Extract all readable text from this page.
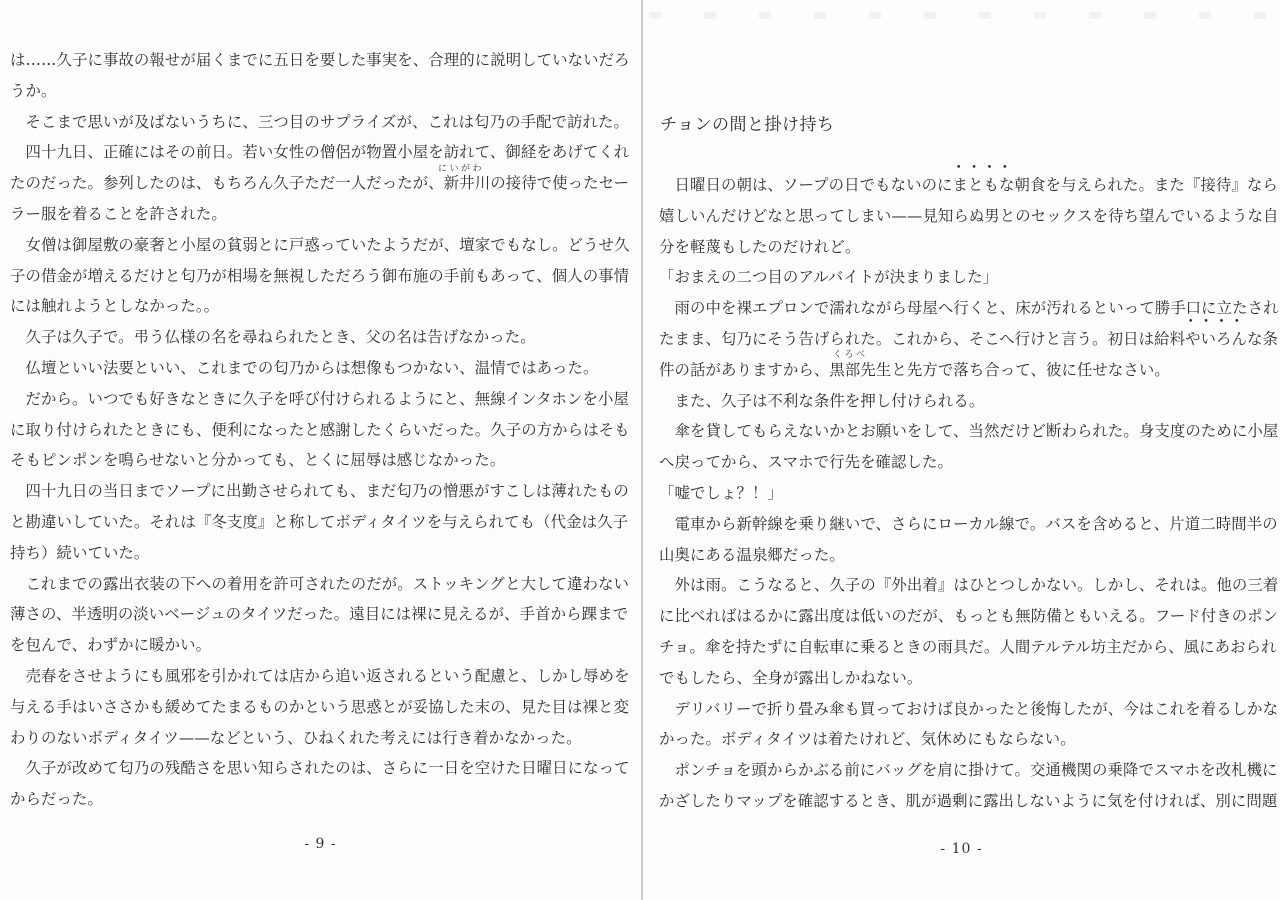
は……久子に事故の報せが届くまでに五日を要した事実を、合理的に説明していないだろ
うか。
　そこまで思いが及ばないうちに、三つ目のサプライズが、これは匂乃の手配で訪れた。
　四十九日、正確にはその前日。若い女性の僧侶が物置小屋を訪れて、御経をあげてくれ
たのだった。参列したのは、もちろん久子ただ一人だったが、新井川の接待で使ったセー
ラー服を着ることを許された。
　女僧は御屋敷の豪奢と小屋の貧弱とに戸惑っていたようだが、壇家でもなし。どうせ久
子の借金が増えるだけと匂乃が相場を無視しただろう御布施の手前もあって、個人の事情
には触れようとしなかった。。
　久子は久子で。弔う仏様の名を尋ねられたとき、父の名は告げなかった。
　仏壇といい法要といい、これまでの匂乃からは想像もつかない、温情ではあった。
　だから。いつでも好きなときに久子を呼び付けられるようにと、無線インタホンを小屋
に取り付けられたときにも、便利になったと感謝したくらいだった。久子の方からはそも
そもピンポンを鳴らせないと分かっても、とくに屈辱は感じなかった。
　四十九日の当日までソープに出勤させられても、まだ匂乃の憎悪がすこしは薄れたもの
と勘違いしていた。それは『冬支度』と称してボディタイツを与えられても（代金は久子
持ち）続いていた。
　これまでの露出衣装の下への着用を許可されたのだが。ストッキングと大して違わない
薄さの、半透明の淡いベージュのタイツだった。遠目には裸に見えるが、手首から踝まで
を包んで、わずかに暖かい。
　売春をさせようにも風邪を引かれては店から追い返されるという配慮と、しかし辱めを
与える手はいささかも緩めてたまるものかという思惑とが妥協した末の、見た目は裸と変
わりのないボディタイツ——などという、ひねくれた考えには行き着かなかった。
　久子が改めて匂乃の残酷さを思い知らされたのは、さらに一日を空けた日曜日になって
からだった。
にいがわ
- 9 -
チョンの間と掛け持ち
　日曜日の朝は、ソープの日でもないのにまともな朝食を与えられた。また『接待』なら
嬉しいんだけどなと思ってしまい——見知らぬ男とのセックスを待ち望んでいるような自
分を軽蔑もしたのだけれど。
「おまえの二つ目のアルバイトが決まりました」
　雨の中を裸エプロンで濡れながら母屋へ行くと、床が汚れるといって勝手口に立たされ
たまま、匂乃にそう告げられた。これから、そこへ行けと言う。初日は給料やいろんな条
件の話がありますから、黒部先生と先方で落ち合って、彼に任せなさい。
　また、久子は不利な条件を押し付けられる。
　傘を貸してもらえないかとお願いをして、当然だけど断わられた。身支度のために小屋
へ戻ってから、スマホで行先を確認した。
「嘘でしょ？！」
　電車から新幹線を乗り継いで、さらにローカル線で。バスを含めると、片道二時間半の
山奥にある温泉郷だった。
　外は雨。こうなると、久子の『外出着』はひとつしかない。しかし、それは。他の三着
に比べればはるかに露出度は低いのだが、もっとも無防備ともいえる。フード付きのポン
チョ。傘を持たずに自転車に乗るときの雨具だ。人間テルテル坊主だから、風にあおられ
でもしたら、全身が露出しかねない。
　デリバリーで折り畳み傘も買っておけば良かったと後悔したが、今はこれを着るしかな
かった。ボディタイツは着たけれど、気休めにもならない。
　ポンチョを頭からかぶる前にバッグを肩に掛けて。交通機関の乗降でスマホを改札機に
かざしたりマップを確認するとき、肌が過剰に露出しないように気を付ければ、別に問題
くろべ
・・・・
・・・・
- 10 -
